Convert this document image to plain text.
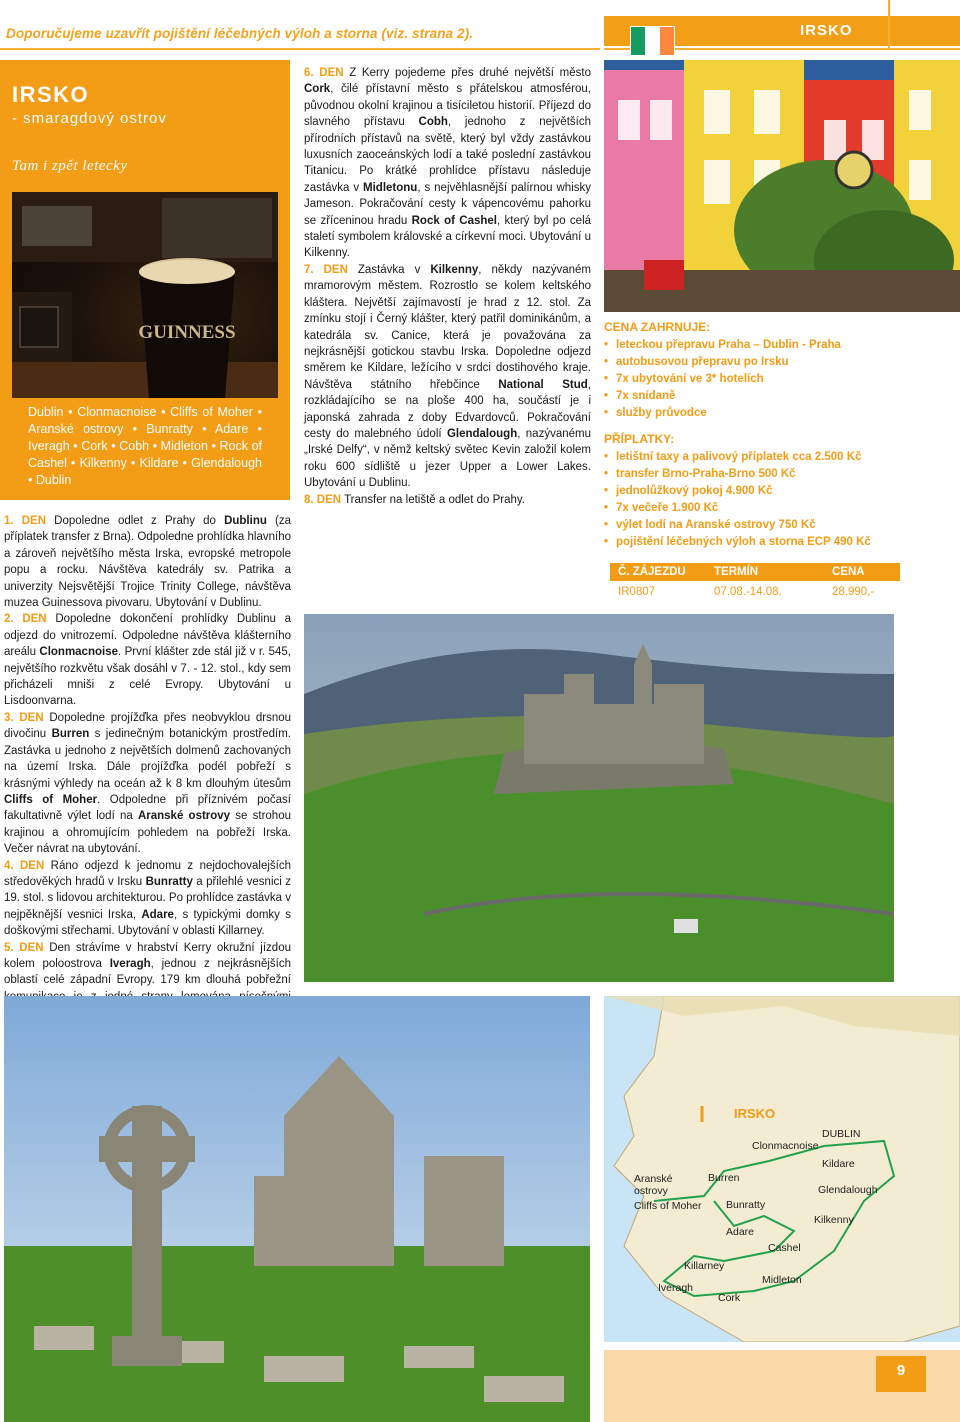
Doporučujeme uzavřít pojištění léčebných výloh a storna (viz. strana 2).	IRSKO
IRSKO
- smaragdový ostrov
Tam i zpět letecky
GUINNESS
Dublin • Clonmacnoise • Cliffs of Moher • Aranské ostrovy • Bunratty • Adare • Iveragh • Cork • Cobh • Midleton • Rock of Cashel • Kilkenny • Kildare • Glendalough • Dublin

1. DEN Dopoledne odlet z Prahy do Dublinu (za příplatek transfer z Brna). Odpoledne prohlídka hlavního a zároveň největšího města Irska, evropské metropole popu a rocku. Návštěva katedrály sv. Patrika a univerzity Nejsvětější Trojice Trinity College, návštěva muzea Guinessova pivovaru. Ubytování v Dublinu.

2. DEN Dopoledne dokončení prohlídky Dublinu a odjezd do vnitrozemí. Odpoledne návštěva klášterního areálu Clonmacnoise. První klášter zde stál již v r. 545, největšího rozkvětu však dosáhl v 7. - 12. stol., kdy sem přicházeli mniši z celé Evropy. Ubytování u Lisdoonvarna.

3. DEN Dopoledne projížďka přes neobvyklou drsnou divočinu Burren s jedinečným botanickým prostředím. Zastávka u jednoho z největších dolmenů zachovaných na území Irska. Dále projížďka podél pobřeží s krásnými výhledy na oceán až k 8 km dlouhým útesům Cliffs of Moher. Odpoledne při příznivém počasí fakultativně výlet lodí na Aranské ostrovy se strohou krajinou a ohromujícím pohledem na pobřeží Irska. Večer návrat na ubytování.

4. DEN Ráno odjezd k jednomu z nejdochovalejších středověkých hradů v Irsku Bunratty a přilehlé vesnici z 19. stol. s lidovou architekturou. Po prohlídce zastávka v nejpěknější vesnici Irska, Adare, s typickými domky s doškovými střechami. Ubytování v oblasti Killarney.

5. DEN Den strávíme v hrabství Kerry okružní jízdou kolem poloostrova Iveragh, jednou z nejkrásnějších oblastí celé západní Evropy. 179 km dlouhá pobřežní

6. DEN Z Kerry pojedeme přes druhé největší město Cork, čilé přístavní město s přátelskou atmosférou, původnou okolní krajinou a tisíciletou historií. Příjezd do slavného přístavu Cobh, jednoho z největších přírodních přístavů na světě, který byl vždy zastávkou luxusních zaoceánských lodí a také poslední zastávkou Titanicu. Po krátké prohlídce přístavu následuje zastávka v Midletonu, s nejvěhlasnější palírnou whisky Jameson. Pokračování cesty k vápencovému pahorku se zříceninou hradu Rock of Cashel, který byl po celá staletí symbolem královské a církevní moci. Ubytování u Kilkenny.

7. DEN Zastávka v Kilkenny, někdy nazývaném mramorovým městem. Rozrostlo se kolem keltského kláštera. Největší zajímavostí je hrad z 12. stol. Za zmínku stojí i Černý klášter, který patřil dominikánům, a katedrála sv. Canice, která je považována za nejkrásnější gotickou stavbu Irska. Dopoledne odjezd směrem ke Kildare, ležícího v srdci dostihového kraje. Návštěva státního hřebčince National Stud, rozkládajícího se na ploše 400 ha, součástí je i japonská zahrada z doby Edvardovců. Pokračování cesty do malebného údolí Glendalough, nazývanému „Irské Delfy“, v němž keltský světec Kevin založil kolem roku 600 sídliště u jezer Upper a Lower Lakes. Ubytování u Dublinu.

8. DEN Transfer na letiště a odlet do Prahy.

CENA ZAHRNUJE:
• leteckou přepravu Praha – Dublin - Praha
• autobusovou přepravu po Irsku
• 7x ubytování ve 3* hotelích
• 7x snídaně
• služby průvodce
PŘÍPLATKY:
• letištní taxy a palivový příplatek cca 2.500 Kč
• transfer Brno-Praha-Brno 500 Kč
• jednolůžkový pokoj 4.900 Kč
• 7x večeře 1.900 Kč
• výlet lodí na Aranské ostrovy 750 Kč
• pojištění léčebných výloh a storna ECP 490 Kč
Č. ZÁJEZDU	TERMÍN	CENA
IR0807	07.08.-14.08.	28.990,-
IRSKO
DUBLIN
Clonmacnoise
Kildare
Glendalough
Kilkenny
Aranské
ostrovy
Cliffs of Moher
Burren
Bunratty
Adare
Cashel
Killarney
Iveragh
Midleton
Cork
9
